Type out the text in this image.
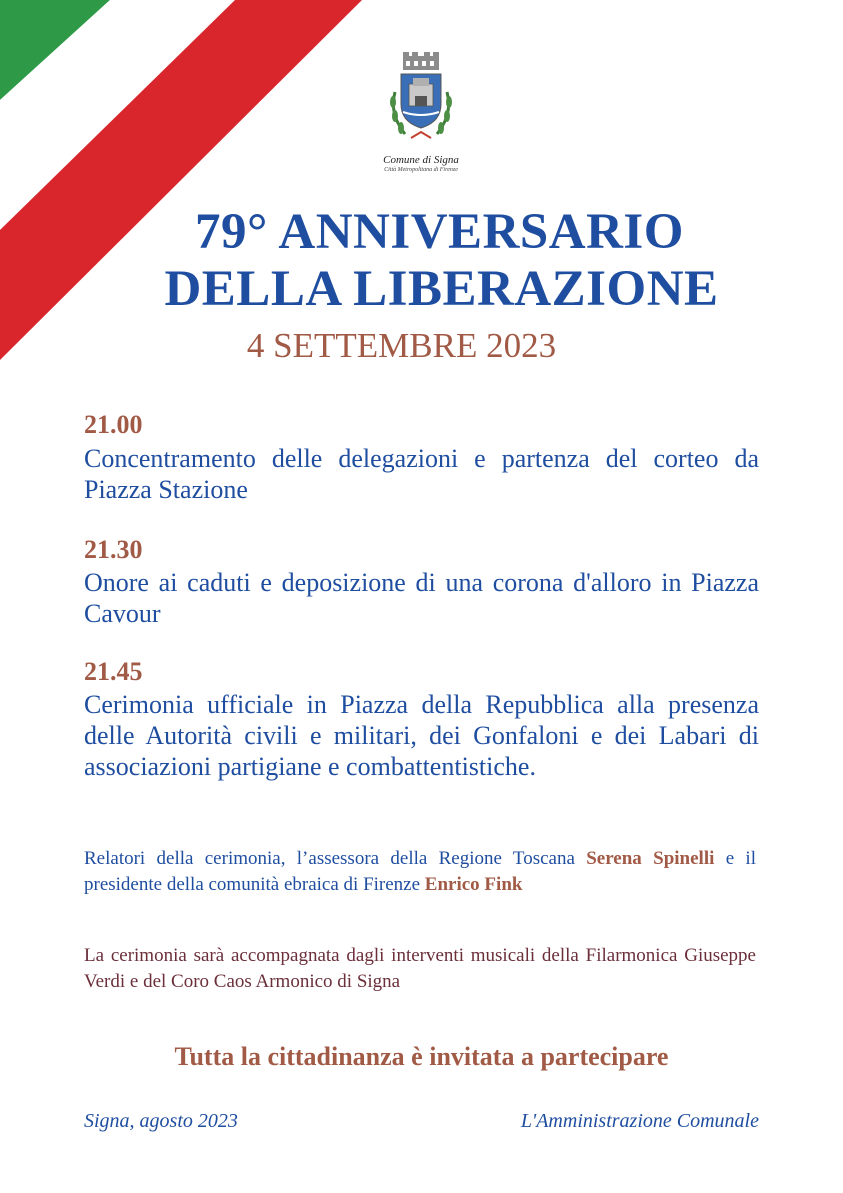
Comune di Signa
Città Metropolitana di Firenze
79° ANNIVERSARIO
DELLA LIBERAZIONE
4 SETTEMBRE 2023
21.00
Concentramento delle delegazioni e partenza del corteo da Piazza Stazione
21.30
Onore ai caduti e deposizione di una corona d'alloro in Piazza Cavour
21.45
Cerimonia ufficiale in Piazza della Repubblica alla presenza delle Autorità civili e militari, dei Gonfaloni e dei Labari di associazioni partigiane e combattentistiche.
Relatori della cerimonia, l’assessora della Regione Toscana Serena Spinelli e il presidente della comunità ebraica di Firenze Enrico Fink
La cerimonia sarà accompagnata dagli interventi musicali della Filarmonica Giuseppe Verdi e del Coro Caos Armonico di Signa
Tutta la cittadinanza è invitata a partecipare
Signa, agosto 2023	L'Amministrazione Comunale
